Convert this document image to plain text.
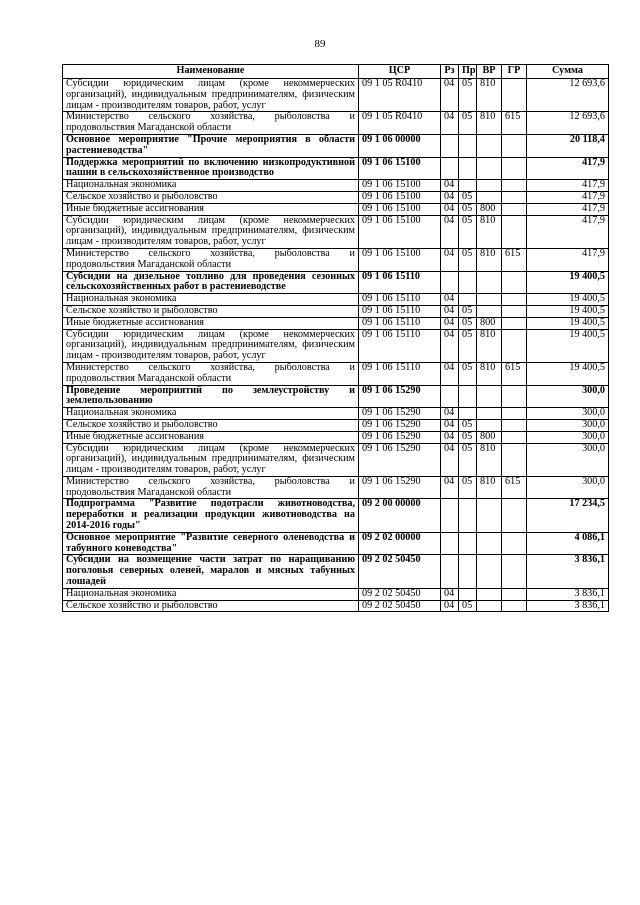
89
Наименование	ЦСР	Рз	Пр	ВР	ГР	Сумма
Субсидии юридическим лицам (кроме некоммерческих организаций), индивидуальным предпринимателям, физическим лицам - производителям товаров, работ, услуг	09 1 05 R0410	04	05	810		12 693,6
Министерство сельского хозяйства, рыболовства и продовольствия Магаданской области	09 1 05 R0410	04	05	810	615	12 693,6
Основное мероприятие "Прочие мероприятия в области растениеводства"	09 1 06 00000					20 118,4
Поддержка мероприятий по включению низкопродуктивной пашни в сельскохозяйственное производство	09 1 06 15100					417,9
Национальная экономика	09 1 06 15100	04				417,9
Сельское хозяйство и рыболовство	09 1 06 15100	04	05			417,9
Иные бюджетные ассигнования	09 1 06 15100	04	05	800		417,9
Субсидии юридическим лицам (кроме некоммерческих организаций), индивидуальным предпринимателям, физическим лицам - производителям товаров, работ, услуг	09 1 06 15100	04	05	810		417,9
Министерство сельского хозяйства, рыболовства и продовольствия Магаданской области	09 1 06 15100	04	05	810	615	417,9
Субсидии на дизельное топливо для проведения сезонных сельскохозяйственных работ в растениеводстве	09 1 06 15110					19 400,5
Национальная экономика	09 1 06 15110	04				19 400,5
Сельское хозяйство и рыболовство	09 1 06 15110	04	05			19 400,5
Иные бюджетные ассигнования	09 1 06 15110	04	05	800		19 400,5
Субсидии юридическим лицам (кроме некоммерческих организаций), индивидуальным предпринимателям, физическим лицам - производителям товаров, работ, услуг	09 1 06 15110	04	05	810		19 400,5
Министерство сельского хозяйства, рыболовства и продовольствия Магаданской области	09 1 06 15110	04	05	810	615	19 400,5
Проведение мероприятий по землеустройству и землепользованию	09 1 06 15290					300,0
Национальная экономика	09 1 06 15290	04				300,0
Сельское хозяйство и рыболовство	09 1 06 15290	04	05			300,0
Иные бюджетные ассигнования	09 1 06 15290	04	05	800		300,0
Субсидии юридическим лицам (кроме некоммерческих организаций), индивидуальным предпринимателям, физическим лицам - производителям товаров, работ, услуг	09 1 06 15290	04	05	810		300,0
Министерство сельского хозяйства, рыболовства и продовольствия Магаданской области	09 1 06 15290	04	05	810	615	300,0
Подпрограмма "Развитие подотрасли животноводства, переработки и реализации продукции животноводства на 2014-2016 годы"	09 2 00 00000					17 234,5
Основное мероприятие "Развитие северного оленеводства и табунного коневодства"	09 2 02 00000					4 086,1
Субсидии на возмещение части затрат по наращиванию поголовья северных оленей, маралов и мясных табунных лошадей	09 2 02 50450					3 836,1
Национальная экономика	09 2 02 50450	04				3 836,1
Сельское хозяйство и рыболовство	09 2 02 50450	04	05			3 836,1
